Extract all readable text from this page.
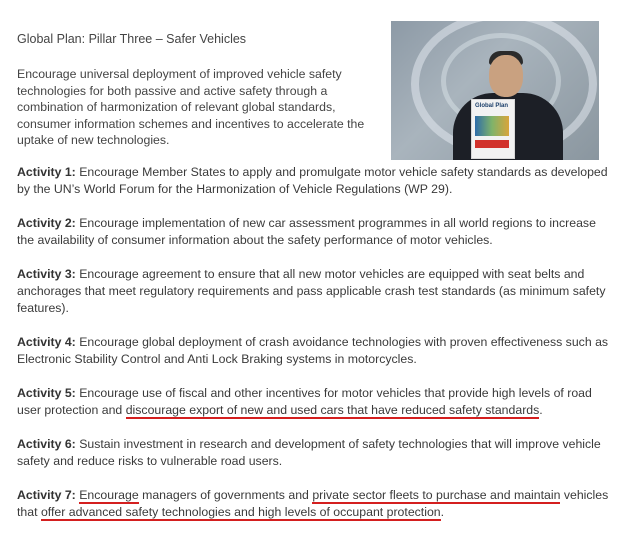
Global Plan: Pillar Three – Safer Vehicles
Encourage universal deployment of improved vehicle safety technologies for both passive and active safety through a combination of harmonization of relevant global standards, consumer information schemes and incentives to accelerate the uptake of new technologies.
Global Plan

Activity 1: Encourage Member States to apply and promulgate motor vehicle safety standards as developed by the UN’s World Forum for the Harmonization of Vehicle Regulations (WP 29).

Activity 2: Encourage implementation of new car assessment programmes in all world regions to increase the availability of consumer information about the safety performance of motor vehicles.

Activity 3: Encourage agreement to ensure that all new motor vehicles are equipped with seat belts and anchorages that meet regulatory requirements and pass applicable crash test standards (as minimum safety features).

Activity 4: Encourage global deployment of crash avoidance technologies with proven effectiveness such as Electronic Stability Control and Anti Lock Braking systems in motorcycles.

Activity 5: Encourage use of fiscal and other incentives for motor vehicles that provide high levels of road user protection and discourage export of new and used cars that have reduced safety standards.

Activity 6: Sustain investment in research and development of safety technologies that will improve vehicle safety and reduce risks to vulnerable road users.

Activity 7: Encourage managers of governments and private sector fleets to purchase and maintain vehicles that offer advanced safety technologies and high levels of occupant protection.
